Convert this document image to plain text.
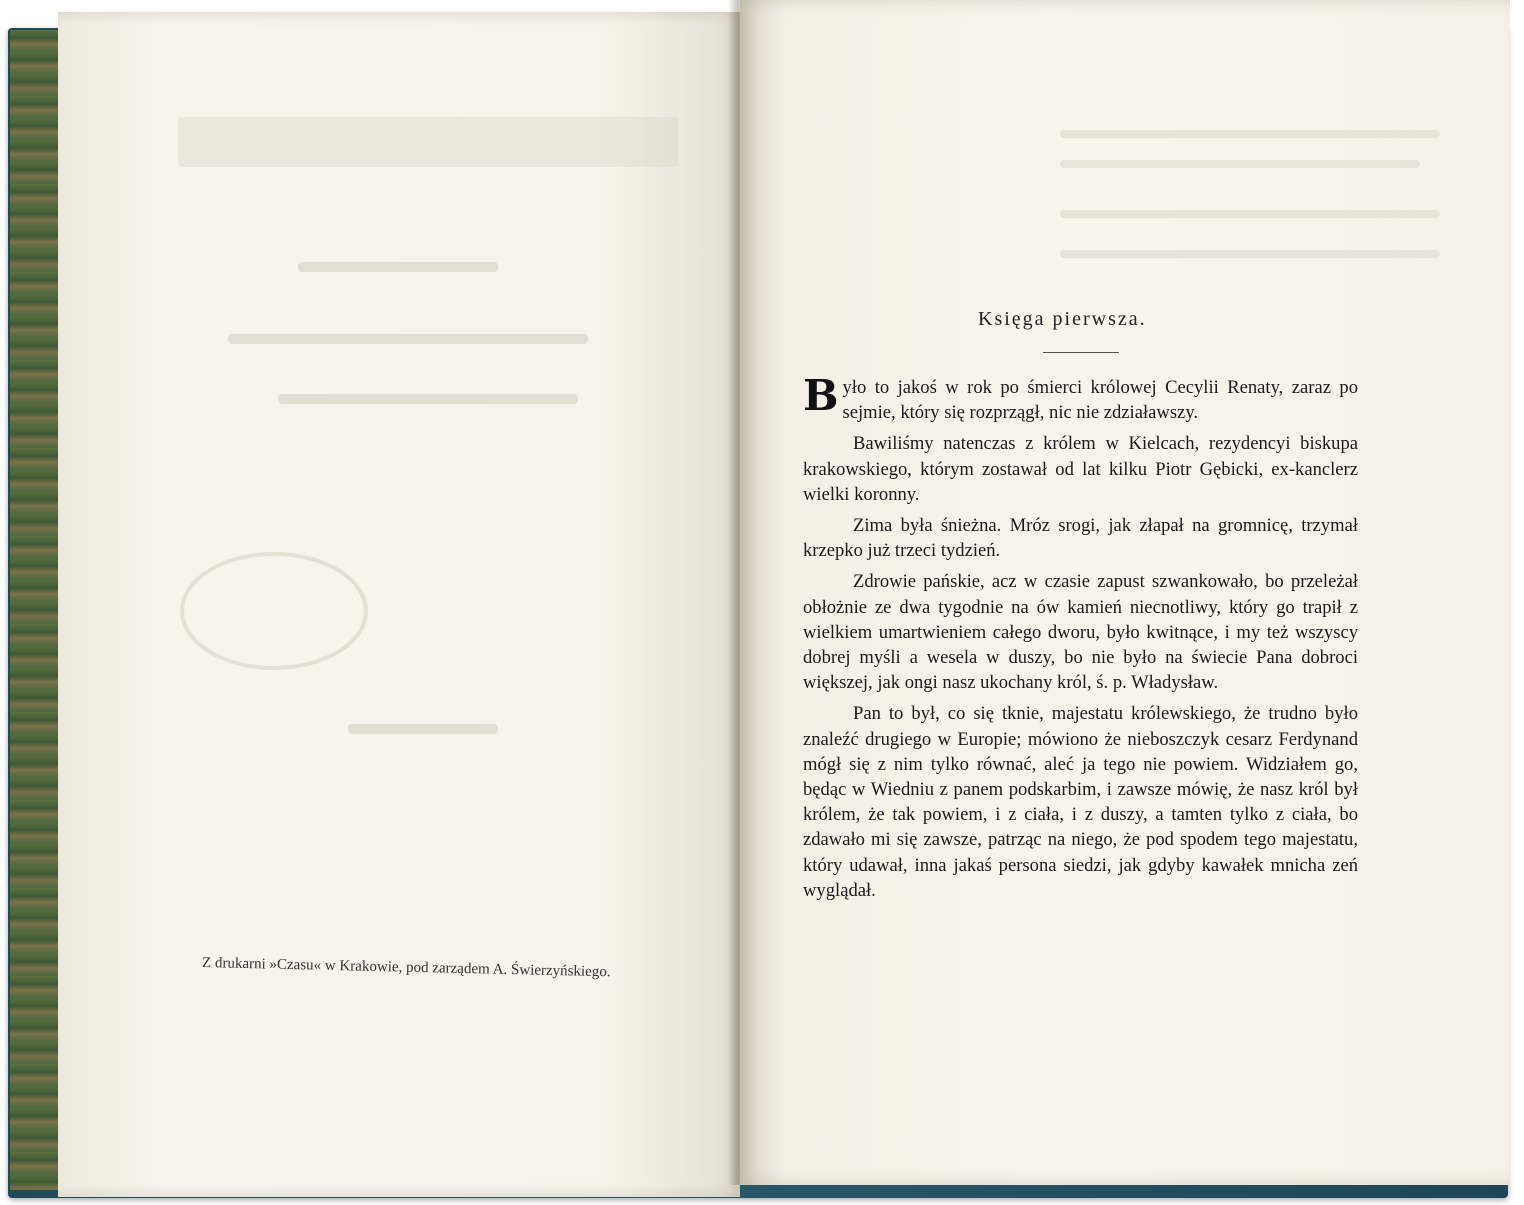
Z drukarni »Czasu« w Krakowie, pod zarządem A. Świerzyńskiego.
Księga pierwsza.

Było to jakoś w rok po śmierci królowej Cecylii Renaty, zaraz po sejmie, który się rozprzągł, nic nie zdziaławszy.

Bawiliśmy natenczas z królem w Kielcach, rezydencyi biskupa krakowskiego, którym zostawał od lat kilku Piotr Gębicki, ex-kanclerz wielki koronny.

Zima była śnieżna. Mróz srogi, jak złapał na gromnicę, trzymał krzepko już trzeci tydzień.

Zdrowie pańskie, acz w czasie zapust szwankowało, bo przeleżał obłożnie ze dwa tygodnie na ów kamień niecnotliwy, który go trapił z wielkiem umartwieniem całego dworu, było kwitnące, i my też wszyscy dobrej myśli a wesela w duszy, bo nie było na świecie Pana dobroci większej, jak ongi nasz ukochany król, ś. p. Władysław.

Pan to był, co się tknie, majestatu królewskiego, że trudno było znaleźć drugiego w Europie; mówiono że nieboszczyk cesarz Ferdynand mógł się z nim tylko równać, aleć ja tego nie powiem. Widziałem go, będąc w Wiedniu z panem podskarbim, i zawsze mówię, że nasz król był królem, że tak powiem, i z ciała, i z duszy, a tamten tylko z ciała, bo zdawało mi się zawsze, patrząc na niego, że pod spodem tego majestatu, który udawał, inna jakaś persona siedzi, jak gdyby kawałek mnicha zeń wyglądał.
